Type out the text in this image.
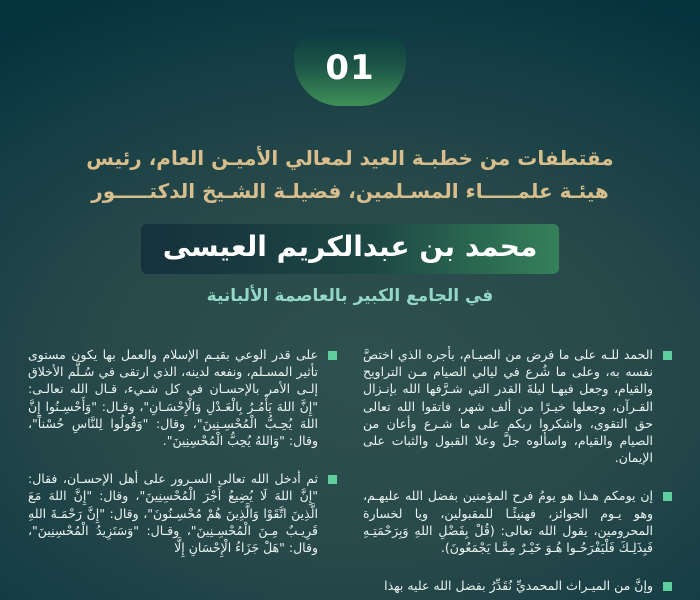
01
مقتطفات من خطبـة العيد لمعالي الأميـن العام، رئيس
هيئـة علمـــــاء المسـلمين، فضيلـة الشـيخ الدكتـــــور
محمد بن عبدالكريم العيسى
في الجامع الكبير بالعاصمة الألبانية

الحمد للـه على ما فرض من الصيـام، بأجره الذي اختصَّ نفسه به، وعلى ما شُرع في ليالي الصيام مـن التراويح والقيام، وجعل فيهـا ليلةَ القدر التي شـرَّفها الله بإنـزال القـرآن، وجعلها خيـرًا من ألف شهر، فاتقوا الله تعالى حق التقوى، واشكروا ربكم على ما شـرع وأعان من الصيام والقيام، واسألوه جلَّ وعلا القبول والثبات على الإيمان.

إن يومكم هـذا هو يومُ فرح المؤمنين بفضل الله عليهـم، وهو يـوم الجوائز، فهنيئًـا للمقبولين، ويا لخسارة المحرومين، يقول الله تعالى: (قُلْ بِفَضْلِ اللهِ وَبِرَحْمَتِـهِ فَبِذَلِـكَ فَلْيَفْرَحُـوا هُـوَ خَيْـرٌ مِمَّـا يَجْمَعُونَ).

وإنَّ من الميـراث المحمديِّ نُقَدِّرُ بفضل الله عليه بهذا

على قدر الوعي بقيـم الإسلام والعمل بها يكون مستوى تأثير المسـلم، ونفعه لدينه، الذي ارتقى في سُـلَّم الأخلاق إلـى الأمر بالإحسـان في كل شـيء، قـال الله تعالـى: "إِنَّ اللهَ يَأْمُـرُ بِالْعَـدْلِ وَالْإِحْسَـانِ"، وقـال: "وَأَحْسِـنُوا إِنَّ اللهَ يُحِـبُّ الْمُحْسِـنِينَ"، وقال: "وَقُولُوا لِلنَّاسِ حُسْناً"، وقال: "وَاللهُ يُحِبُّ الْمُحْسِنِينَ".

ثم أدخل الله تعالى السـرور على أهل الإحسـان، فقال: "إِنَّ اللهَ لَا يُضِيعُ أَجْرَ الْمُحْسِنِينَ"، وقال: "إِنَّ اللهَ مَعَ الَّذِينَ اتَّقَوْا وَالَّذِينَ هُمْ مُحْسِـنُونَ"، وقال: "إِنَّ رَحْمَـةَ اللهِ قَرِيـبٌ مِـنَ الْمُحْسِـنِينَ"، وقـال: "وَسَنَزِيدُ الْمُحْسِنِينَ"، وقال: "هَلْ جَزَاءُ الْإِحْسَانِ إِلَّا
